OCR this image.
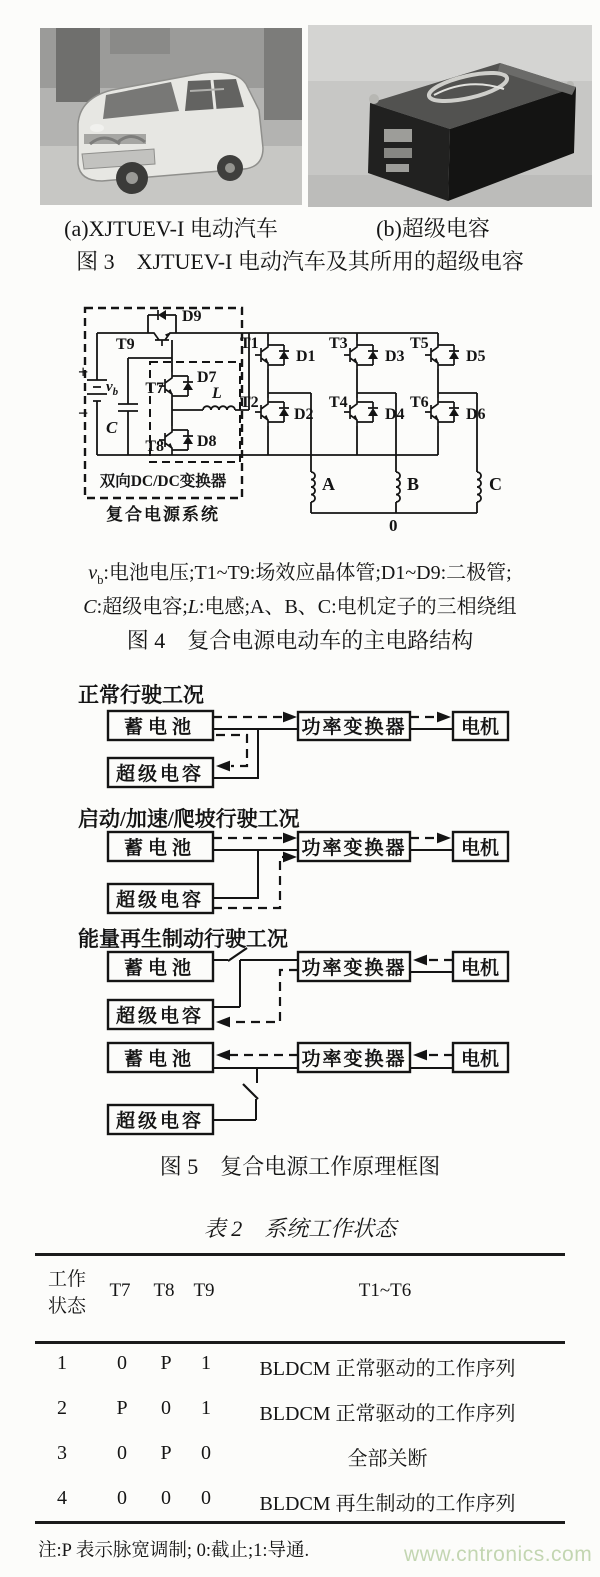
(a)XJTUEV-I 电动汽车	(b)超级电容
图 3　XJTUEV-I 电动汽车及其所用的超级电容
D9
T9
+
−
$v_b$
C
T7
D7
L
T8 D8
T1
D1
T3
D3
T5
D5
T2
D2
T4
D4
T6
D6
A	B	C
0
双向DC/DC变换器
复合电源系统
$v_b$:电池电压;T1~T9:场效应晶体管;D1~D9:二极管;
C:超级电容;L:电感;A、B、C:电机定子的三相绕组
图 4　复合电源电动车的主电路结构
正常行驶工况
启动/加速/爬坡行驶工况
能量再生制动行驶工况
蓄电池	功率变换器	电机
超级电容
蓄电池	功率变换器	电机
超级电容
蓄电池	功率变换器	电机
超级电容
蓄电池	功率变换器	电机
超级电容
图 5　复合电源工作原理框图
表 2　系统工作状态
工作
状态
T7 T8 T9	T1~T6
1	0	P	1	BLDCM 正常驱动的工作序列
2	P	0	1	BLDCM 正常驱动的工作序列
3	0	P	0	全部关断
4	0	0	0	BLDCM 再生制动的工作序列
注:P 表示脉宽调制; 0:截止;1:导通.	www.cntronics.com
